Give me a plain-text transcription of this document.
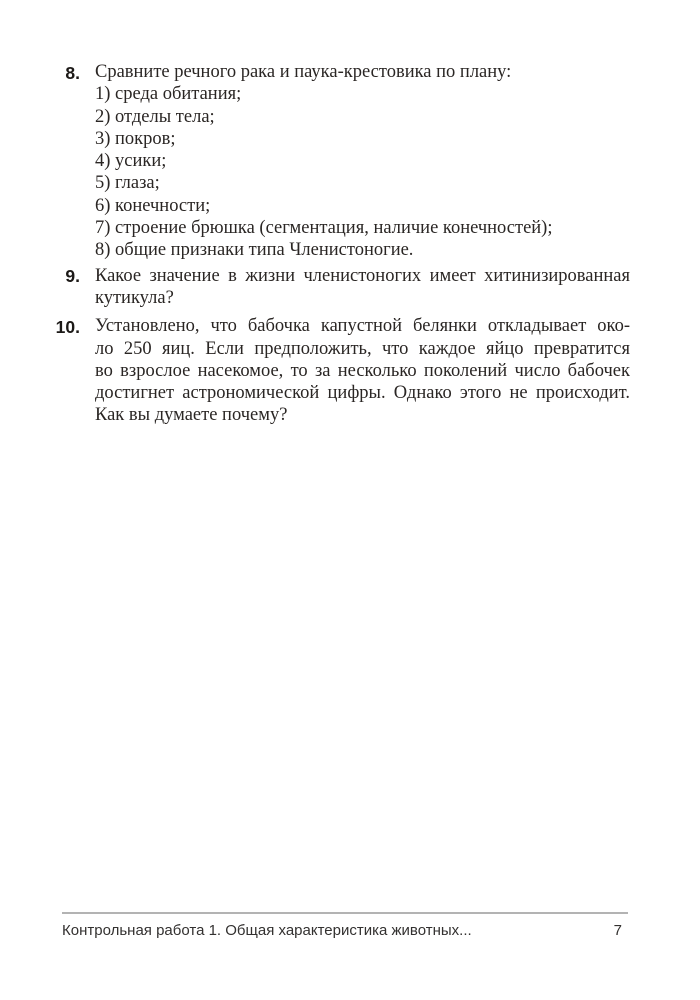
8. Сравните речного рака и паука-крестовика по плану:
1) среда обитания;
2) отделы тела;
3) покров;
4) усики;
5) глаза;
6) конечности;
7) строение брюшка (сегментация, наличие конечностей);
8) общие признаки типа Членистоногие.
9. Какое значение в жизни членистоногих имеет хитинизированная
кутикула?
10. Установлено, что бабочка капустной белянки откладывает око-
ло 250 яиц. Если предположить, что каждое яйцо превратится
во взрослое насекомое, то за несколько поколений число бабочек
достигнет астрономической цифры. Однако этого не происходит.
Как вы думаете почему?
Контрольная работа 1. Общая характеристика животных...	7
